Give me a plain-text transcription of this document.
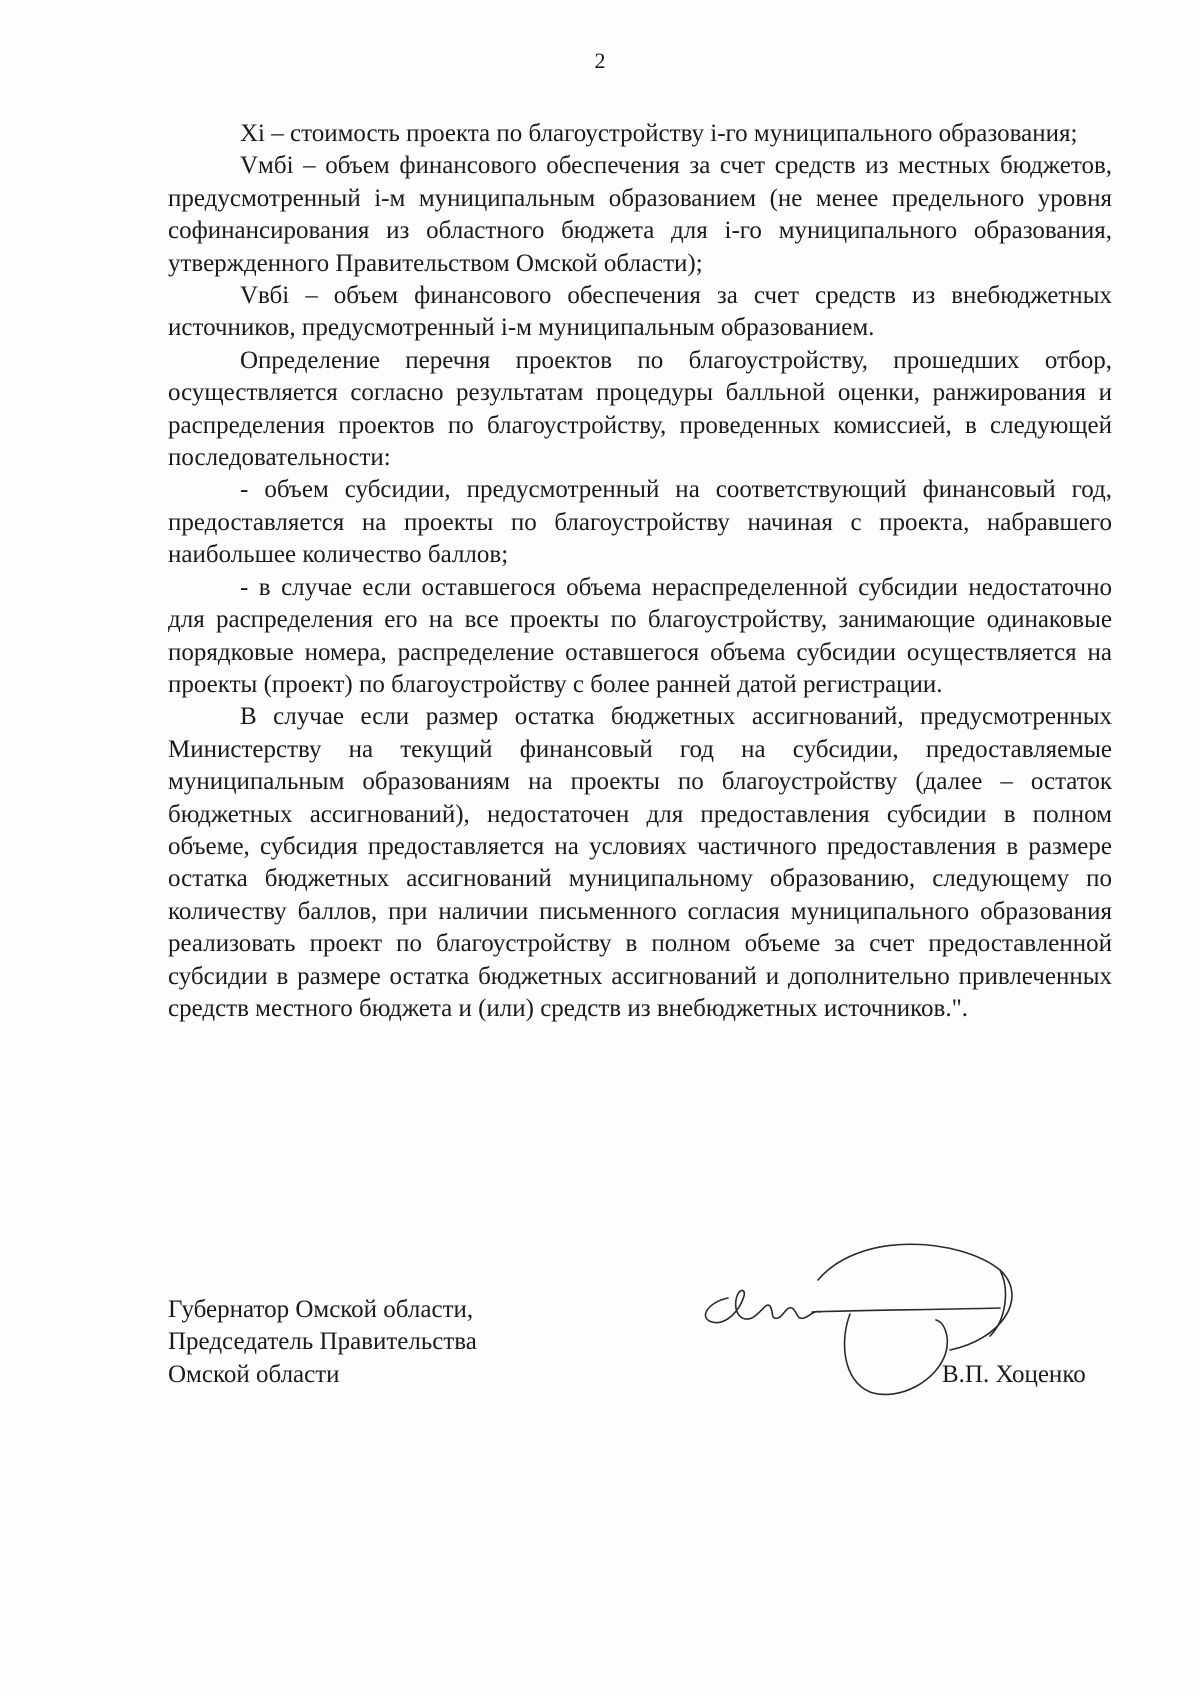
2

Xi – стоимость проекта по благоустройству i-го муниципального образования;

Vмбi – объем финансового обеспечения за счет средств из местных бюджетов, предусмотренный i-м муниципальным образованием (не менее предельного уровня софинансирования из областного бюджета для i-го муниципального образования, утвержденного Правительством Омской области);

Vвбi – объем финансового обеспечения за счет средств из внебюджетных источников, предусмотренный i-м муниципальным образованием.

Определение перечня проектов по благоустройству, прошедших отбор, осуществляется согласно результатам процедуры балльной оценки, ранжирования и распределения проектов по благоустройству, проведенных комиссией, в следующей последовательности:

- объем субсидии, предусмотренный на соответствующий финансовый год, предоставляется на проекты по благоустройству начиная с проекта, набравшего наибольшее количество баллов;

- в случае если оставшегося объема нераспределенной субсидии недостаточно для распределения его на все проекты по благоустройству, занимающие одинаковые порядковые номера, распределение оставшегося объема субсидии осуществляется на проекты (проект) по благоустройству с более ранней датой регистрации.

В случае если размер остатка бюджетных ассигнований, предусмотренных Министерству на текущий финансовый год на субсидии, предоставляемые муниципальным образованиям на проекты по благоустройству (далее – остаток бюджетных ассигнований), недостаточен для предоставления субсидии в полном объеме, субсидия предоставляется на условиях частичного предоставления в размере остатка бюджетных ассигнований муниципальному образованию, следующему по количеству баллов, при наличии письменного согласия муниципального образования реализовать проект по благоустройству в полном объеме за счет предоставленной субсидии в размере остатка бюджетных ассигнований и дополнительно привлеченных средств местного бюджета и (или) средств из внебюджетных источников.".

Губернатор Омской области,
Председатель Правительства
Омской области	В.П. Хоценко
